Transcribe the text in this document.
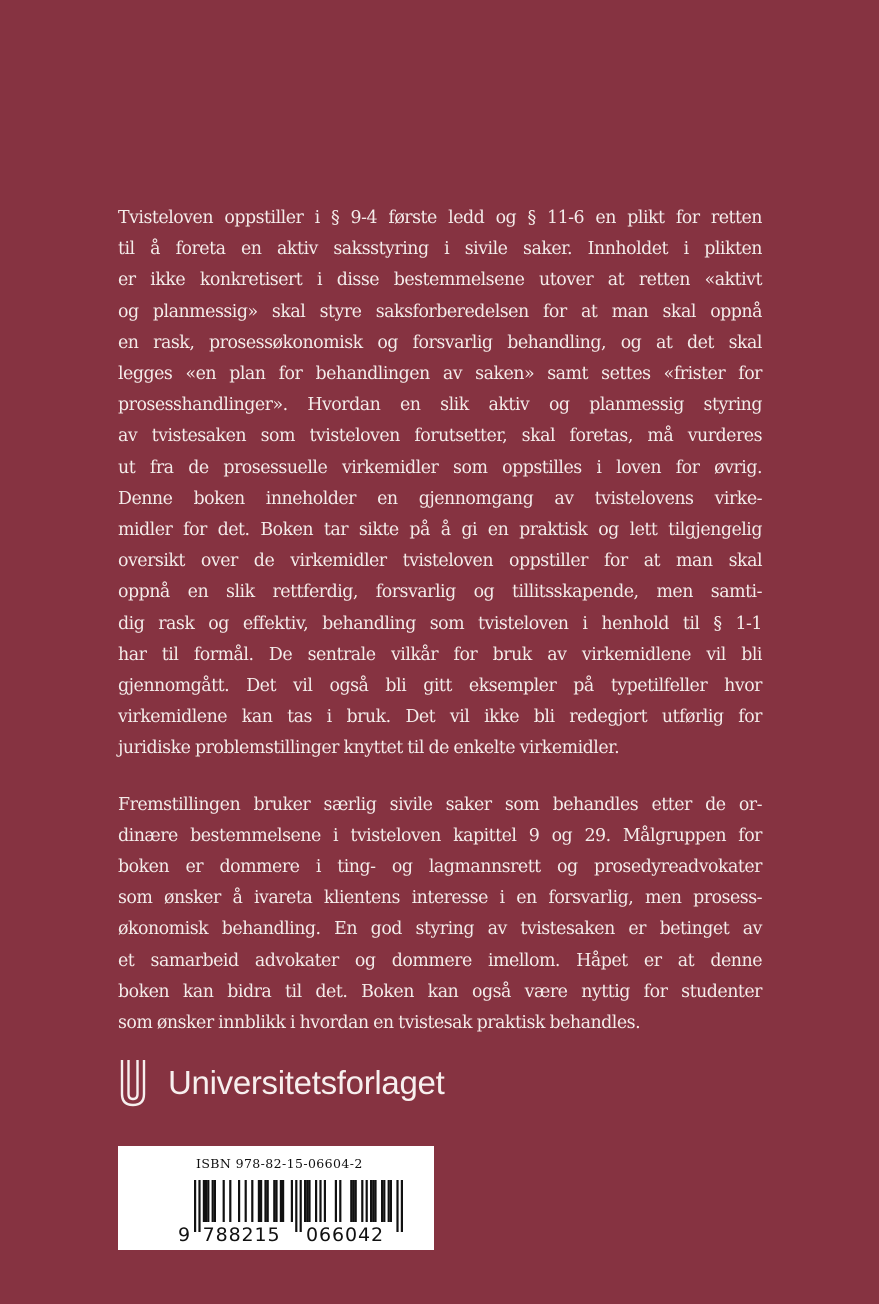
Tvisteloven oppstiller i § 9-4 første ledd og § 11-6 en plikt for retten
til å foreta en aktiv saksstyring i sivile saker. Innholdet i plikten
er ikke konkretisert i disse bestemmelsene utover at retten «aktivt
og planmessig» skal styre saksforberedelsen for at man skal oppnå
en rask, prosessøkonomisk og forsvarlig behandling, og at det skal
legges «en plan for behandlingen av saken» samt settes «frister for
prosesshandlinger». Hvordan en slik aktiv og planmessig styring
av tvistesaken som tvisteloven forutsetter, skal foretas, må vurderes
ut fra de prosessuelle virkemidler som oppstilles i loven for øvrig.
Denne boken inneholder en gjennomgang av tvistelovens virke-
midler for det. Boken tar sikte på å gi en praktisk og lett tilgjengelig
oversikt over de virkemidler tvisteloven oppstiller for at man skal
oppnå en slik rettferdig, forsvarlig og tillitsskapende, men samti-
dig rask og effektiv, behandling som tvisteloven i henhold til § 1-1
har til formål. De sentrale vilkår for bruk av virkemidlene vil bli
gjennomgått. Det vil også bli gitt eksempler på typetilfeller hvor
virkemidlene kan tas i bruk. Det vil ikke bli redegjort utførlig for
juridiske problemstillinger knyttet til de enkelte virkemidler.

Fremstillingen bruker særlig sivile saker som behandles etter de or-
dinære bestemmelsene i tvisteloven kapittel 9 og 29. Målgruppen for
boken er dommere i ting- og lagmannsrett og prosedyreadvokater
som ønsker å ivareta klientens interesse i en forsvarlig, men prosess-
økonomisk behandling. En god styring av tvistesaken er betinget av
et samarbeid advokater og dommere imellom. Håpet er at denne
boken kan bidra til det. Boken kan også være nyttig for studenter
som ønsker innblikk i hvordan en tvistesak praktisk behandles.

Universitetsforlaget
ISBN 978-82-15-06604-2
9 788215 066042
